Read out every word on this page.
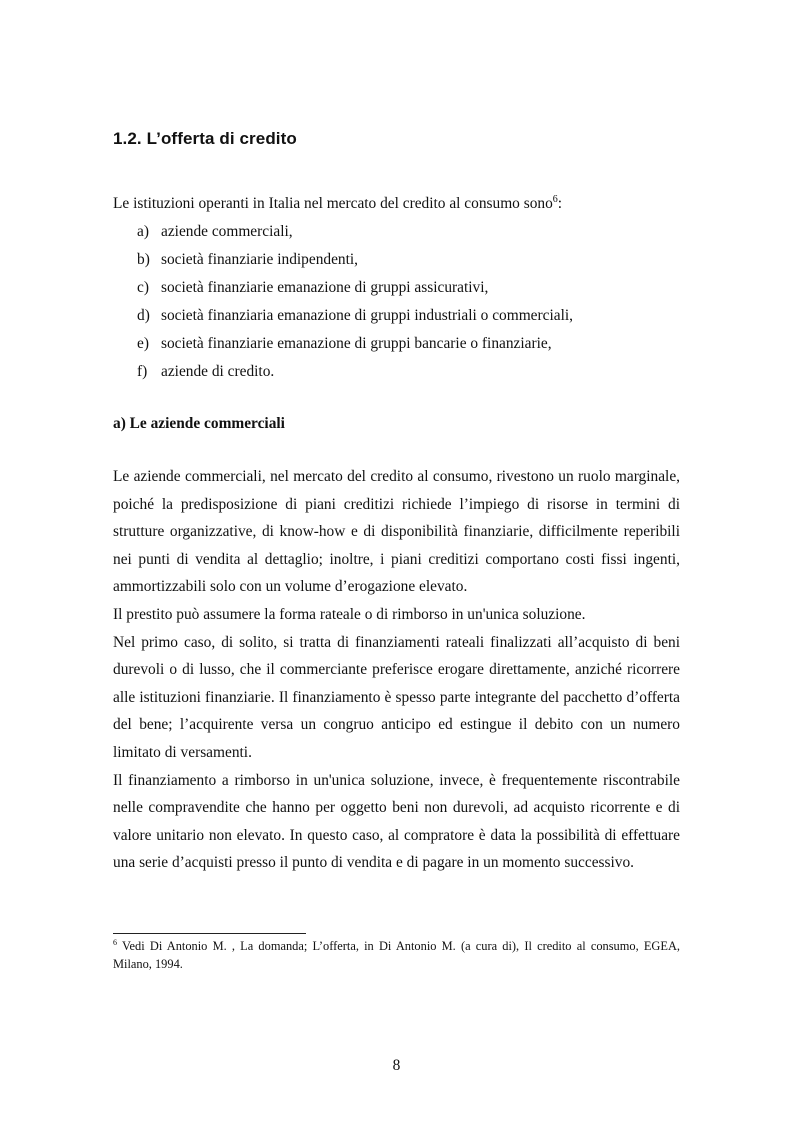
1.2. L’offerta di credito

Le istituzioni operanti in Italia nel mercato del credito al consumo sono$^6$:

a) aziende commerciali,
b) società finanziarie indipendenti,
c) società finanziarie emanazione di gruppi assicurativi,
d) società finanziaria emanazione di gruppi industriali o commerciali,
e) società finanziarie emanazione di gruppi bancarie o finanziarie,
f) aziende di credito.
a) Le aziende commerciali

Le aziende commerciali, nel mercato del credito al consumo, rivestono un ruolo marginale, poiché la predisposizione di piani creditizi richiede l’impiego di risorse in termini di strutture organizzative, di know-how e di disponibilità finanziarie, difficilmente reperibili nei punti di vendita al dettaglio; inoltre, i piani creditizi comportano costi fissi ingenti, ammortizzabili solo con un volume d’erogazione elevato.

Il prestito può assumere la forma rateale o di rimborso in un'unica soluzione.

Nel primo caso, di solito, si tratta di finanziamenti rateali finalizzati all’acquisto di beni durevoli o di lusso, che il commerciante preferisce erogare direttamente, anziché ricorrere alle istituzioni finanziarie. Il finanziamento è spesso parte integrante del pacchetto d’offerta del bene; l’acquirente versa un congruo anticipo ed estingue il debito con un numero limitato di versamenti.

Il finanziamento a rimborso in un'unica soluzione, invece, è frequentemente riscontrabile nelle compravendite che hanno per oggetto beni non durevoli, ad acquisto ricorrente e di valore unitario non elevato. In questo caso, al compratore è data la possibilità di effettuare una serie d’acquisti presso il punto di vendita e di pagare in un momento successivo.

$^6$ Vedi Di Antonio M. , La domanda; L’offerta, in Di Antonio M. (a cura di), Il credito al consumo, EGEA, Milano, 1994.

8
